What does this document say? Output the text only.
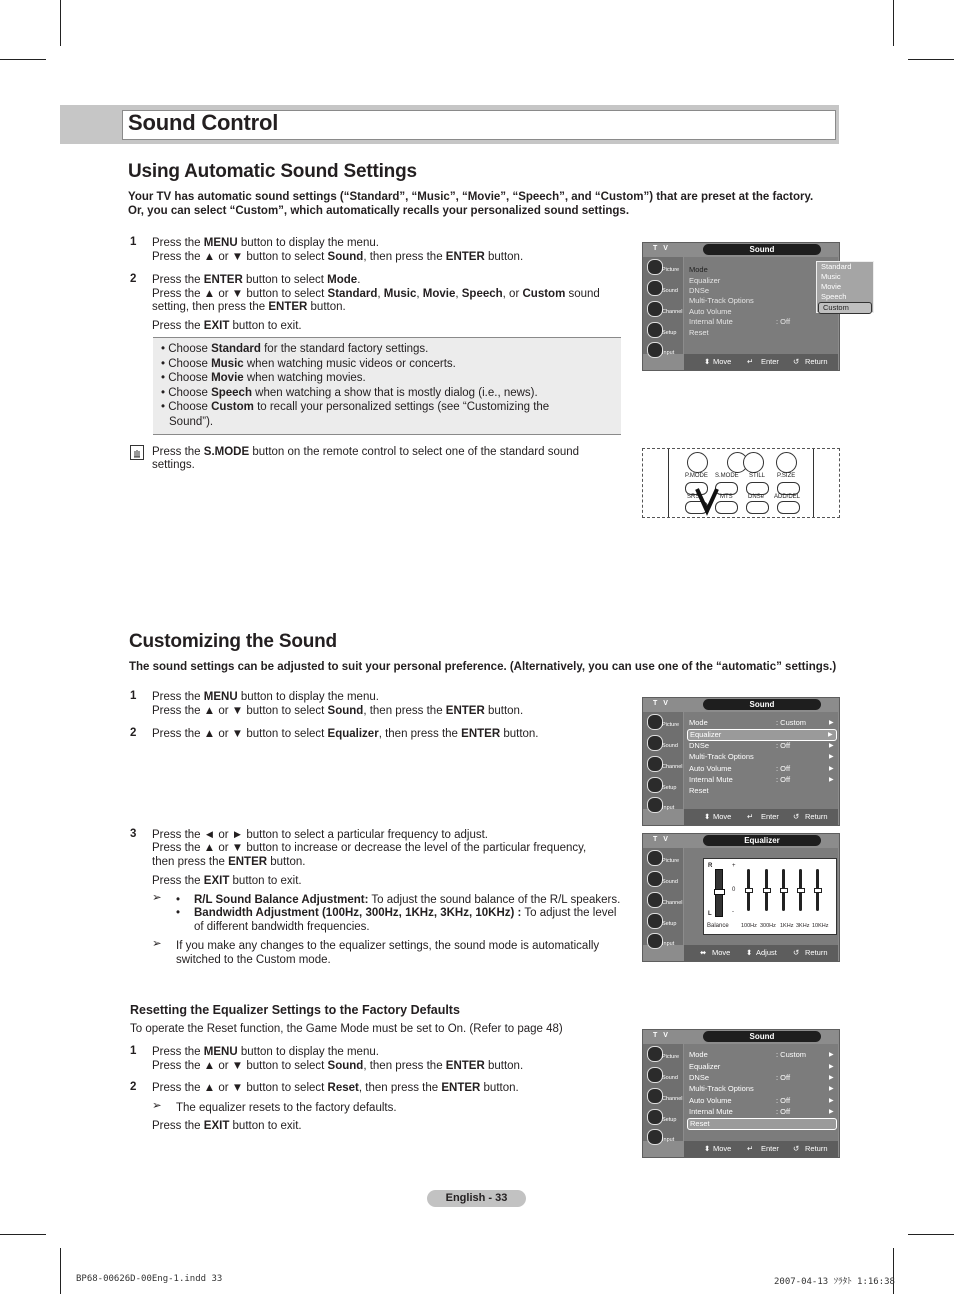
Sound Control
Using Automatic Sound Settings
Your TV has automatic sound settings (“Standard”, “Music”, “Movie”, “Speech”, and “Custom”) that are preset at the factory.
Or, you can select “Custom”, which automatically recalls your personalized sound settings.
1 Press the MENU button to display the menu.
Press the ▲ or ▼ button to select Sound, then press the ENTER button.
2 Press the ENTER button to select Mode.
Press the ▲ or ▼ button to select Standard, Music, Movie, Speech, or Custom sound
setting, then press the ENTER button.
Press the EXIT button to exit.
• Choose Standard for the standard factory settings.
• Choose Music when watching music videos or concerts.
• Choose Movie when watching movies.
• Choose Speech when watching a show that is mostly dialog (i.e., news).
• Choose Custom to recall your personalized settings (see “Customizing the
Sound”).
Press the S.MODE button on the remote control to select one of the standard sound
settings.
T V	Sound
Picture
Sound
Channel
Setup
Input
Mode
Equalizer
DNSe
Multi-Track Options
Auto Volume
Internal Mute	: Off
Reset
Standard
Music
Movie
Speech
Custom
⬍ Move ↵ Enter ↺ Return
P.MODE S.MODE STILL P.SIZE
SRS	MTS	DNSe ADD/DEL
Customizing the Sound
The sound settings can be adjusted to suit your personal preference. (Alternatively, you can use one of the “automatic” settings.)
1 Press the MENU button to display the menu.
Press the ▲ or ▼ button to select Sound, then press the ENTER button.
2 Press the ▲ or ▼ button to select Equalizer, then press the ENTER button.
3 Press the ◄ or ► button to select a particular frequency to adjust.
Press the ▲ or ▼ button to increase or decrease the level of the particular frequency,
then press the ENTER button.
Press the EXIT button to exit.
➢ • R/L Sound Balance Adjustment: To adjust the sound balance of the R/L speakers.
• Bandwidth Adjustment (100Hz, 300Hz, 1KHz, 3KHz, 10KHz) : To adjust the level
of different bandwidth frequencies.
➢ If you make any changes to the equalizer settings, the sound mode is automatically
switched to the Custom mode.
T V	Sound
Picture
Sound
Channel
Setup
Input
Mode	: Custom	▶
Equalizer	▶
DNSe	: Off	▶
Multi-Track Options	▶
Auto Volume	: Off	▶
Internal Mute	: Off	▶
Reset
⬍ Move ↵ Enter ↺ Return
T V	Equalizer
Picture
Sound
Channel
Setup
Input
R
L
+
0
-
Balance 100Hz 300Hz 1KHz 3KHz 10KHz
⬌ Move ⬍ Adjust ↺ Return
Resetting the Equalizer Settings to the Factory Defaults
To operate the Reset function, the Game Mode must be set to On. (Refer to page 48)
1 Press the MENU button to display the menu.
Press the ▲ or ▼ button to select Sound, then press the ENTER button.
2 Press the ▲ or ▼ button to select Reset, then press the ENTER button.
➢ The equalizer resets to the factory defaults.
Press the EXIT button to exit.
T V	Sound
Picture
Sound
Channel
Setup
Input
Mode	: Custom	▶
Equalizer	▶
DNSe	: Off	▶
Multi-Track Options	▶
Auto Volume	: Off	▶
Internal Mute	: Off	▶
Reset
⬍ Move ↵ Enter ↺ Return
English - 33
BP68-00626D-00Eng-1.indd 33	2007-04-13 ｿﾗﾀﾄ 1:16:38
